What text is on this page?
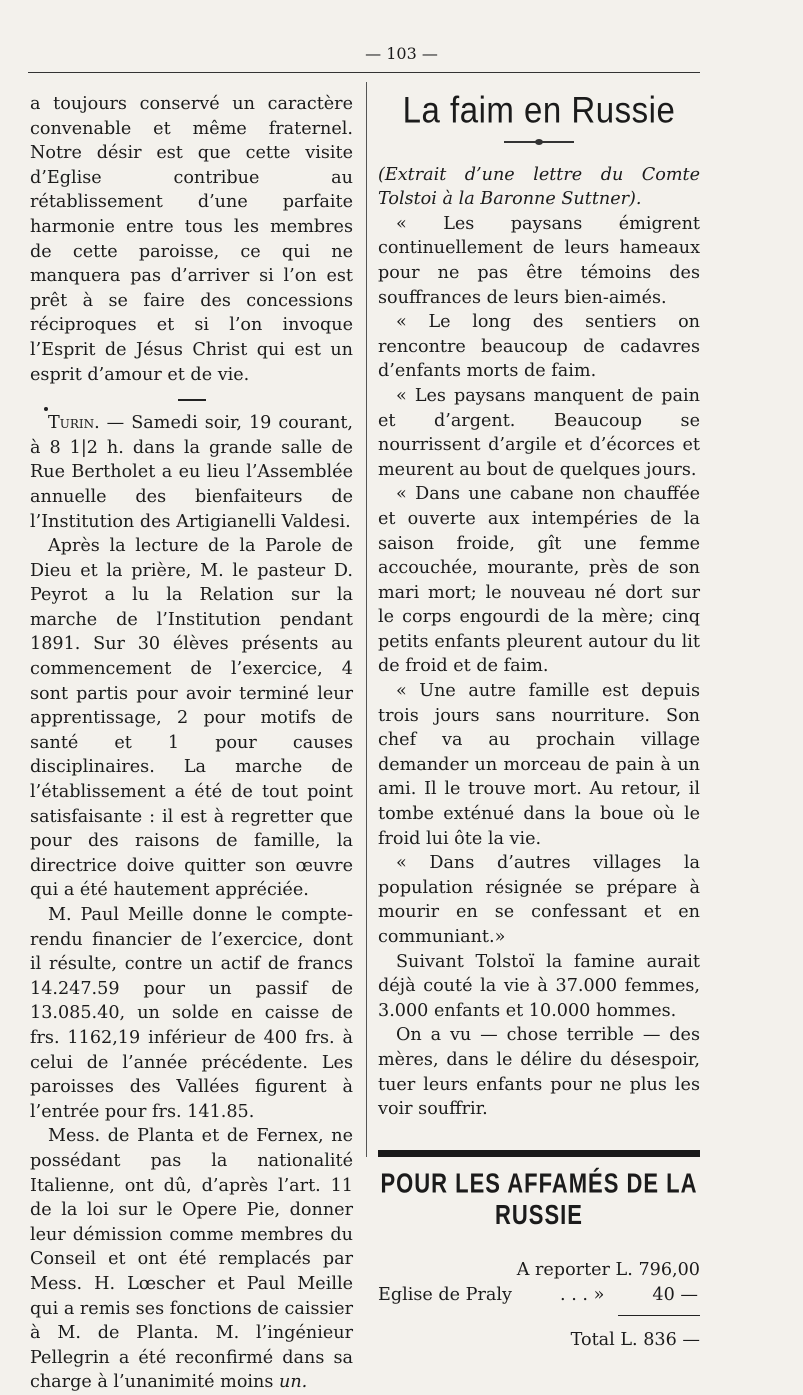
— 103 —

a toujours conservé un caractère convenable et même fraternel. Notre désir est que cette visite d’Eglise contribue au rétablissement d’une parfaite harmonie entre tous les membres de cette paroisse, ce qui ne manquera pas d’arriver si l’on est prêt à se faire des concessions réciproques et si l’on invoque l’Esprit de Jésus Christ qui est un esprit d’amour et de vie.

Turin. — Samedi soir, 19 courant, à 8 1|2 h. dans la grande salle de Rue Bertholet a eu lieu l’Assemblée annuelle des bienfaiteurs de l’Institution des Artigianelli Valdesi.

Après la lecture de la Parole de Dieu et la prière, M. le pasteur D. Peyrot a lu la Relation sur la marche de l’Institution pendant 1891. Sur 30 élèves présents au commencement de l’exercice, 4 sont partis pour avoir terminé leur apprentissage, 2 pour motifs de santé et 1 pour causes disciplinaires. La marche de l’établissement a été de tout point satisfaisante : il est à regretter que pour des raisons de famille, la directrice doive quitter son œuvre qui a été hautement appréciée.

M. Paul Meille donne le compte-rendu financier de l’exercice, dont il résulte, contre un actif de francs 14.247.59 pour un passif de 13.085.40, un solde en caisse de frs. 1162,19 inférieur de 400 frs. à celui de l’année précédente. Les paroisses des Vallées figurent à l’entrée pour frs. 141.85.

Mess. de Planta et de Fernex, ne possédant pas la nationalité Italienne, ont dû, d’après l’art. 11 de la loi sur le Opere Pie, donner leur démission comme membres du Conseil et ont été remplacés par Mess. H. Lœscher et Paul Meille qui a remis ses fonctions de caissier à M. de Planta. M. l’ingénieur Pellegrin a été reconfirmé dans sa charge à l’unanimité moins un.

La faim en Russie

(Extrait d’une lettre du Comte Tolstoi à la Baronne Suttner).

« Les paysans émigrent continuellement de leurs hameaux pour ne pas être témoins des souffrances de leurs bien-aimés.

« Le long des sentiers on rencontre beaucoup de cadavres d’enfants morts de faim.

« Les paysans manquent de pain et d’argent. Beaucoup se nourrissent d’argile et d’écorces et meurent au bout de quelques jours.

« Dans une cabane non chauffée et ouverte aux intempéries de la saison froide, gît une femme accouchée, mourante, près de son mari mort; le nouveau né dort sur le corps engourdi de la mère; cinq petits enfants pleurent autour du lit de froid et de faim.

« Une autre famille est depuis trois jours sans nourriture. Son chef va au prochain village demander un morceau de pain à un ami. Il le trouve mort. Au retour, il tombe exténué dans la boue où le froid lui ôte la vie.

« Dans d’autres villages la population résignée se prépare à mourir en se confessant et en communiant.»

Suivant Tolstoï la famine aurait déjà couté la vie à 37.000 femmes, 3.000 enfants et 10.000 hommes.

On a vu — chose terrible — des mères, dans le délire du désespoir, tuer leurs enfants pour ne plus les voir souffrir.

POUR LES AFFAMÉS DE LA RUSSIE
A reporter L. 796,00
Eglise de Praly	. . . »	40 —
Total L. 836 —
